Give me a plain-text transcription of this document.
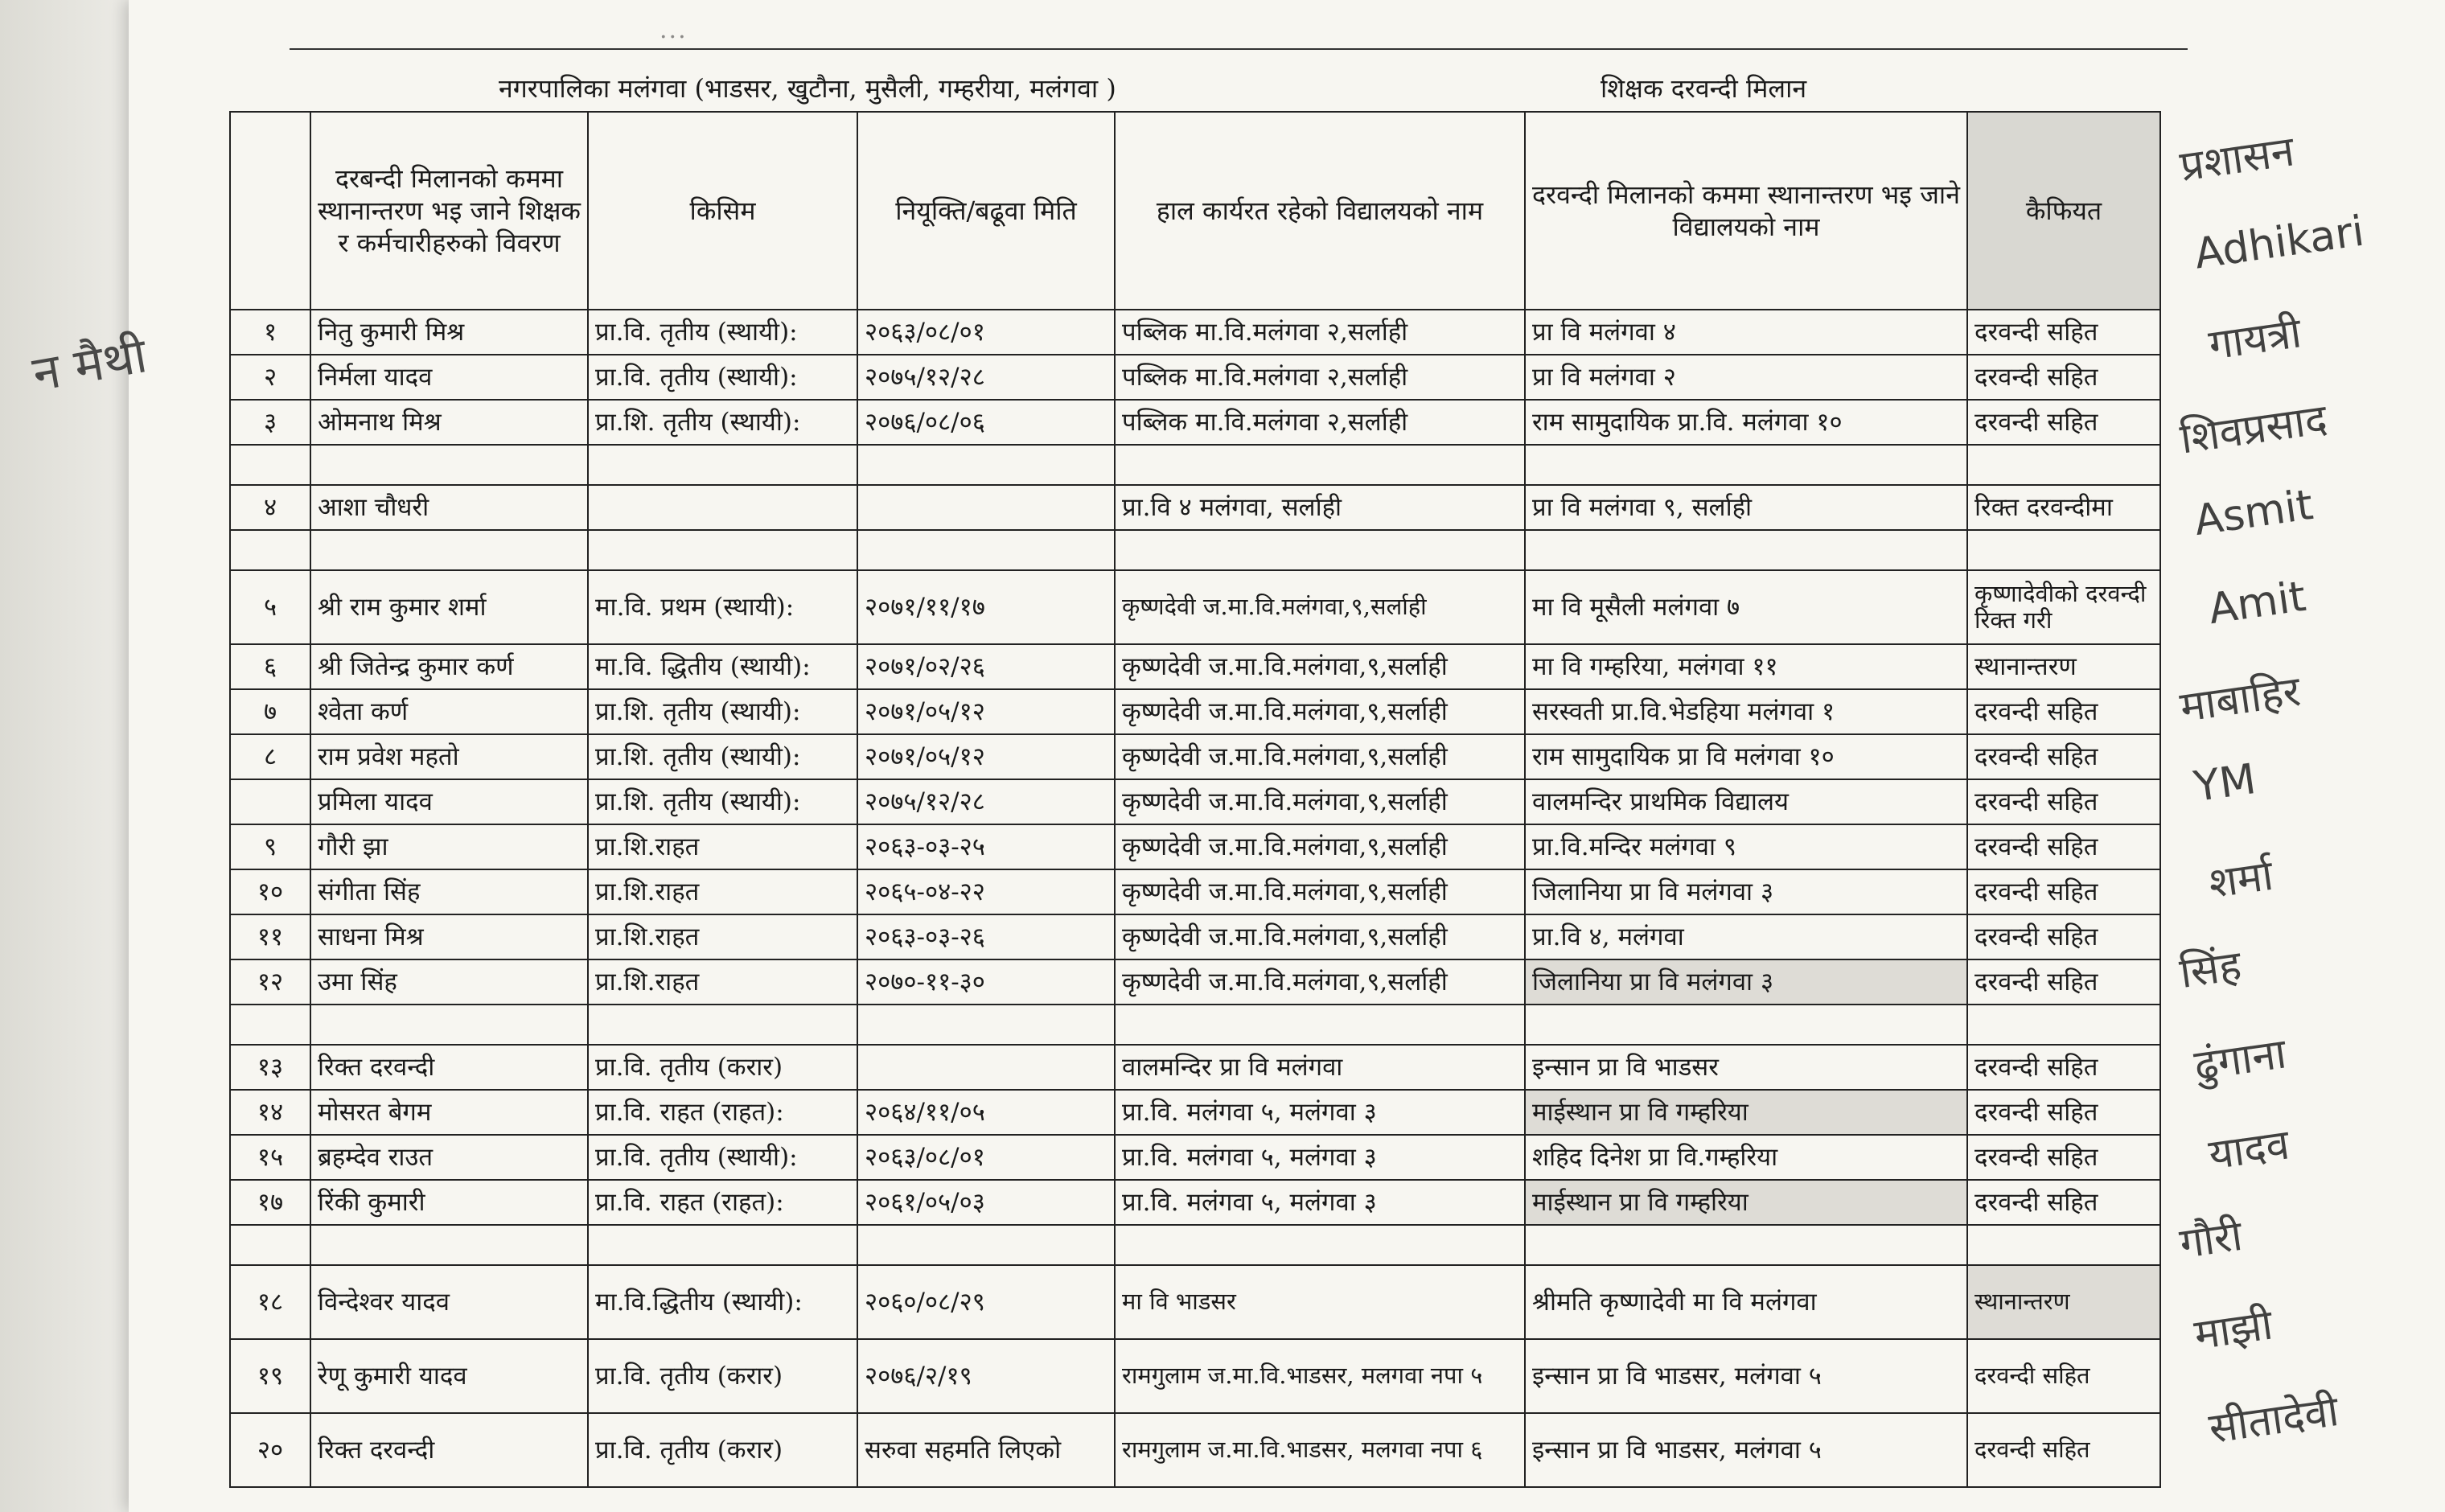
...
नगरपालिका मलंगवा (भाडसर, खुटौना, मुसैली, गम्हरीया, मलंगवा )	शिक्षक दरवन्दी मिलान
न मैथी
	दरबन्दी मिलानको कममा स्थानान्तरण भइ जाने शिक्षक र कर्मचारीहरुको विवरण	किसिम	नियूक्ति/बढूवा मिति	हाल कार्यरत रहेको विद्यालयको नाम	दरवन्दी मिलानको कममा स्थानान्तरण भइ जाने विद्यालयको नाम	कैफियत
१	नितु कुमारी मिश्र	प्रा.वि. तृतीय (स्थायी):	२०६३/०८/०१	पब्लिक मा.वि.मलंगवा २,सर्लाही	प्रा वि मलंगवा ४	दरवन्दी सहित
२	निर्मला यादव	प्रा.वि. तृतीय (स्थायी):	२०७५/१२/२८	पब्लिक मा.वि.मलंगवा २,सर्लाही	प्रा वि मलंगवा २	दरवन्दी सहित
३	ओमनाथ मिश्र	प्रा.शि. तृतीय (स्थायी):	२०७६/०८/०६	पब्लिक मा.वि.मलंगवा २,सर्लाही	राम सामुदायिक प्रा.वि. मलंगवा १०	दरवन्दी सहित

४	आशा चौधरी			प्रा.वि ४ मलंगवा, सर्लाही	प्रा वि मलंगवा ९, सर्लाही	रिक्त दरवन्दीमा

५	श्री राम कुमार शर्मा	मा.वि. प्रथम (स्थायी):	२०७१/११/१७	कृष्णदेवी ज.मा.वि.मलंगवा,९,सर्लाही	मा वि मूसैली मलंगवा ७	कृष्णादेवीको दरवन्दी रिक्त गरी
६	श्री जितेन्द्र कुमार कर्ण	मा.वि. द्धितीय (स्थायी):	२०७१/०२/२६	कृष्णदेवी ज.मा.वि.मलंगवा,९,सर्लाही	मा वि गम्हरिया, मलंगवा ११	स्थानान्तरण
७	श्वेता कर्ण	प्रा.शि. तृतीय (स्थायी):	२०७१/०५/१२	कृष्णदेवी ज.मा.वि.मलंगवा,९,सर्लाही	सरस्वती प्रा.वि.भेडहिया मलंगवा १	दरवन्दी सहित
८	राम प्रवेश महतो	प्रा.शि. तृतीय (स्थायी):	२०७१/०५/१२	कृष्णदेवी ज.मा.वि.मलंगवा,९,सर्लाही	राम सामुदायिक प्रा वि मलंगवा १०	दरवन्दी सहित
	प्रमिला यादव	प्रा.शि. तृतीय (स्थायी):	२०७५/१२/२८	कृष्णदेवी ज.मा.वि.मलंगवा,९,सर्लाही	वालमन्दिर प्राथमिक विद्यालय	दरवन्दी सहित
९	गौरी झा	प्रा.शि.राहत	२०६३-०३-२५	कृष्णदेवी ज.मा.वि.मलंगवा,९,सर्लाही	प्रा.वि.मन्दिर मलंगवा ९	दरवन्दी सहित
१०	संगीता सिंह	प्रा.शि.राहत	२०६५-०४-२२	कृष्णदेवी ज.मा.वि.मलंगवा,९,सर्लाही	जिलानिया प्रा वि मलंगवा ३	दरवन्दी सहित
११	साधना मिश्र	प्रा.शि.राहत	२०६३-०३-२६	कृष्णदेवी ज.मा.वि.मलंगवा,९,सर्लाही	प्रा.वि ४, मलंगवा	दरवन्दी सहित
१२	उमा सिंह	प्रा.शि.राहत	२०७०-११-३०	कृष्णदेवी ज.मा.वि.मलंगवा,९,सर्लाही	जिलानिया प्रा वि मलंगवा ३	दरवन्दी सहित

१३	रिक्त दरवन्दी	प्रा.वि. तृतीय (करार)		वालमन्दिर प्रा वि मलंगवा	इन्सान प्रा वि भाडसर	दरवन्दी सहित
१४	मोसरत बेगम	प्रा.वि. राहत (राहत):	२०६४/११/०५	प्रा.वि. मलंगवा ५, मलंगवा ३	माईस्थान प्रा वि गम्हरिया	दरवन्दी सहित
१५	ब्रहम्देव राउत	प्रा.वि. तृतीय (स्थायी):	२०६३/०८/०१	प्रा.वि. मलंगवा ५, मलंगवा ३	शहिद दिनेश प्रा वि.गम्हरिया	दरवन्दी सहित
१७	रिंकी कुमारी	प्रा.वि. राहत (राहत):	२०६१/०५/०३	प्रा.वि. मलंगवा ५, मलंगवा ३	माईस्थान प्रा वि गम्हरिया	दरवन्दी सहित

१८	विन्देश्वर यादव	मा.वि.द्धितीय (स्थायी):	२०६०/०८/२९	मा वि भाडसर	श्रीमति कृष्णादेवी मा वि मलंगवा	स्थानान्तरण
१९	रेणू कुमारी यादव	प्रा.वि. तृतीय (करार)	२०७६/२/१९	रामगुलाम ज.मा.वि.भाडसर, मलगवा नपा ५	इन्सान प्रा वि भाडसर, मलंगवा ५	दरवन्दी सहित
२०	रिक्त दरवन्दी	प्रा.वि. तृतीय (करार)	सरुवा सहमति लिएको	रामगुलाम ज.मा.वि.भाडसर, मलगवा नपा ६	इन्सान प्रा वि भाडसर, मलंगवा ५	दरवन्दी सहित
प्रशासन
Adhikari
गायत्री
शिवप्रसाद
Asmit
Amit
माबाहिर
YM
शर्मा
सिंह
ढुंगाना
यादव
गौरी
माझी
सीतादेवी
